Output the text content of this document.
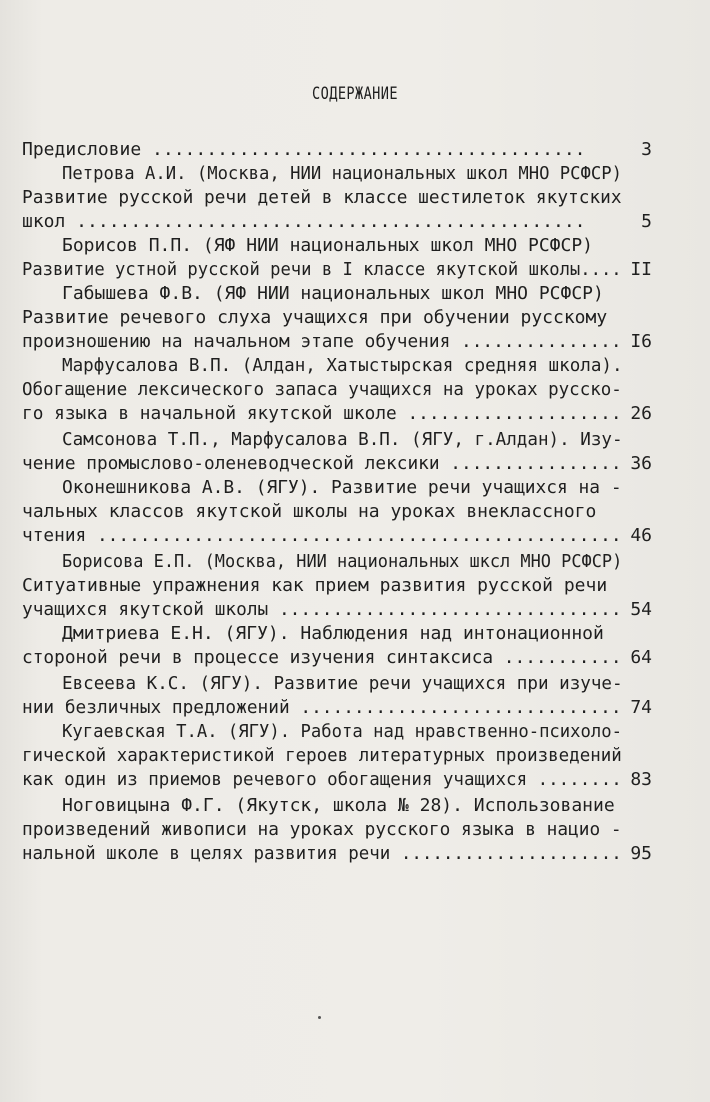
СОДЕРЖАНИЕ
Предисловие ........................................
Петрова А.И. (Москва, НИИ национальных школ МНО РСФСР)
Развитие русской речи детей в классе шестилеток якутских
школ ...............................................
Борисов П.П. (ЯФ НИИ национальных школ МНО РСФСР)
Развитие устной русской речи в I классе якутской школы....
Габышева Ф.В. (ЯФ НИИ национальных школ МНО РСФСР)
Развитие речевого слуха учащихся при обучении русскому
произношению на начальном этапе обучения ...............
Марфусалова В.П. (Алдан, Хатыстырская средняя школа).
Обогащение лексического запаса учащихся на уроках русско-
го языка в начальной якутской школе ....................
Самсонова Т.П., Марфусалова В.П. (ЯГУ, г.Алдан). Изу-
чение промыслово-оленеводческой лексики ................
Оконешникова А.В. (ЯГУ). Развитие речи учащихся на -
чальных классов якутской школы на уроках внеклассного
чтения .................................................
Борисова Е.П. (Москва, НИИ национальных шкcл МНО РСФСР)
Ситуативные упражнения как прием развития русской речи
учащихся якутской школы ................................
Дмитриева Е.Н. (ЯГУ). Наблюдения над интонационной
стороной речи в процессе изучения синтаксиса ...........
Евсеева К.С. (ЯГУ). Развитие речи учащихся при изуче-
нии безличных предложений ..............................
Кугаевская Т.А. (ЯГУ). Работа над нравственно-психоло-
гической характеристикой героев литературных произведений
как один из приемов речевого обогащения учащихся ........
Ноговицына Ф.Г. (Якутск, школа № 28). Использование
произведений живописи на уроках русского языка в нацио -
нальной школе в целях развития речи .....................
3
5
II
I6
26
36
46
54
64
74
83
95
